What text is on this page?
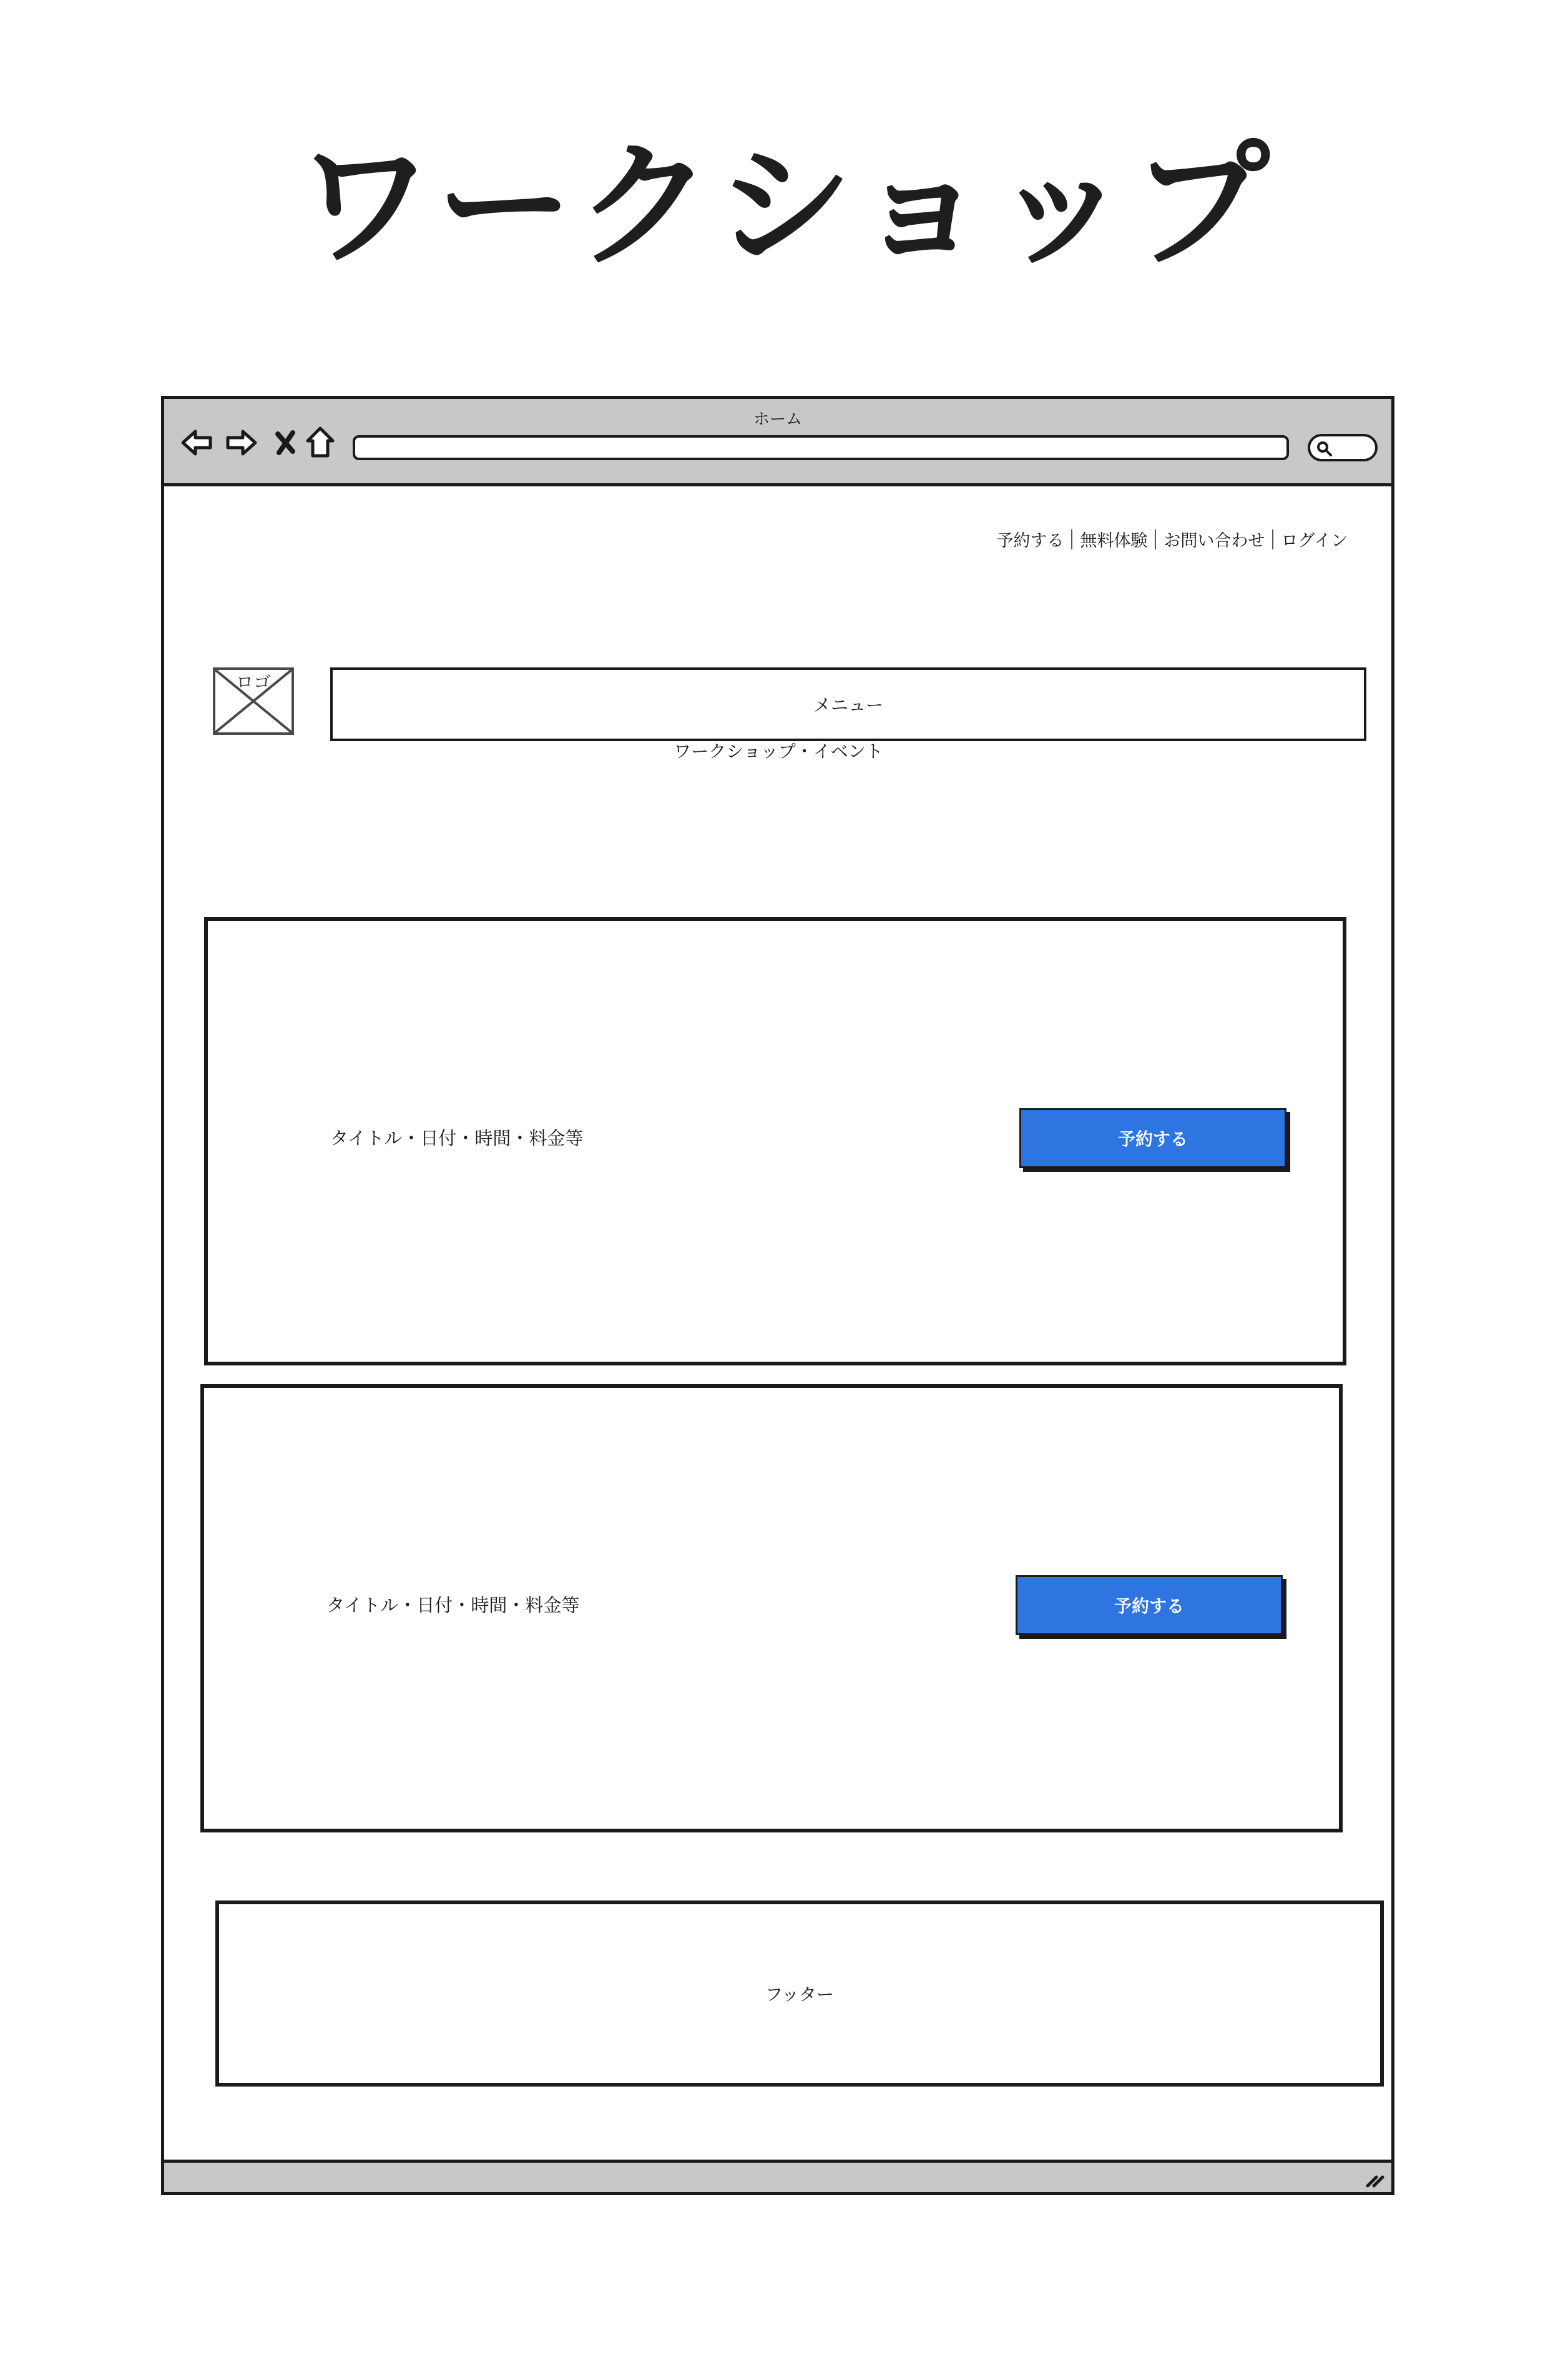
ワークショップ
ホーム
予約する 無料体験 お問い合わせ ログイン
ロゴ
メニュー
ワークショップ・イベント
タイトル・日付・時間・料金等	予約する
タイトル・日付・時間・料金等	予約する
フッター
